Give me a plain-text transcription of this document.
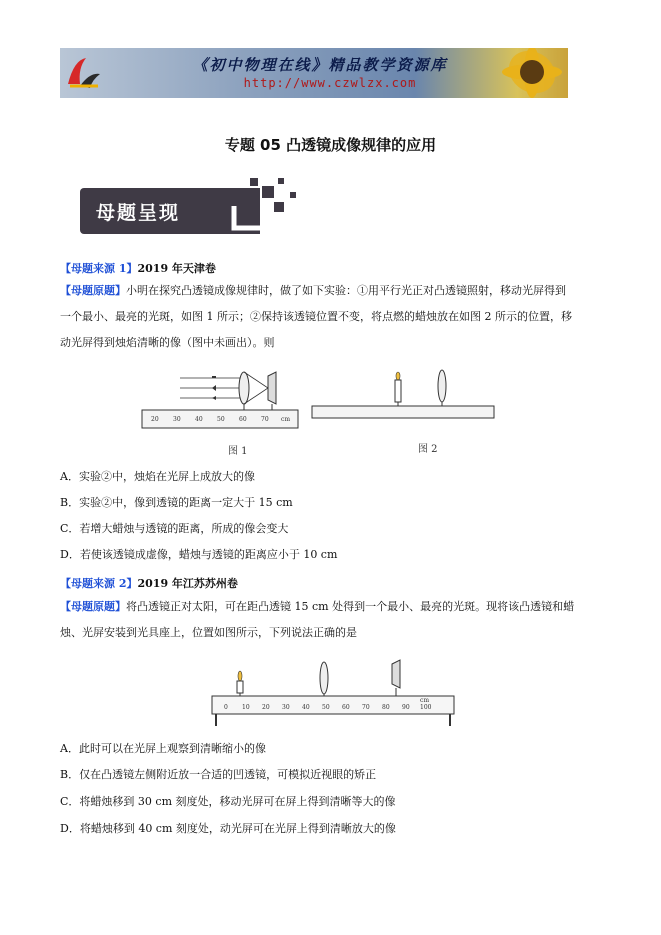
《初中物理在线》精品教学资源库
http://www.czwlzx.com
专题 05 凸透镜成像规律的应用
母题呈现
【母题来源 1】2019 年天津卷
【母题原题】小明在探究凸透镜成像规律时，做了如下实验：①用平行光正对凸透镜照射，移动光屏得到
一个最小、最亮的光斑，如图 1 所示；②保持该透镜位置不变，将点燃的蜡烛放在如图 2 所示的位置，移
动光屏得到烛焰清晰的像（图中未画出）。则
20 30 40 50 60 70 cm
图 1	图 2
A．实验②中，烛焰在光屏上成放大的像
B．实验②中，像到透镜的距离一定大于 15 cm
C．若增大蜡烛与透镜的距离，所成的像会变大
D．若使该透镜成虚像，蜡烛与透镜的距离应小于 10 cm
【母题来源 2】2019 年江苏苏州卷
【母题原题】将凸透镜正对太阳，可在距凸透镜 15 cm 处得到一个最小、最亮的光斑。现将该凸透镜和蜡
烛、光屏安装到光具座上，位置如图所示，下列说法正确的是
0 10 20 30 40 50 60 70 80 90 100
cm
A．此时可以在光屏上观察到清晰缩小的像
B．仅在凸透镜左侧附近放一合适的凹透镜，可模拟近视眼的矫正
C．将蜡烛移到 30 cm 刻度处，移动光屏可在屏上得到清晰等大的像
D．将蜡烛移到 40 cm 刻度处，动光屏可在光屏上得到清晰放大的像
